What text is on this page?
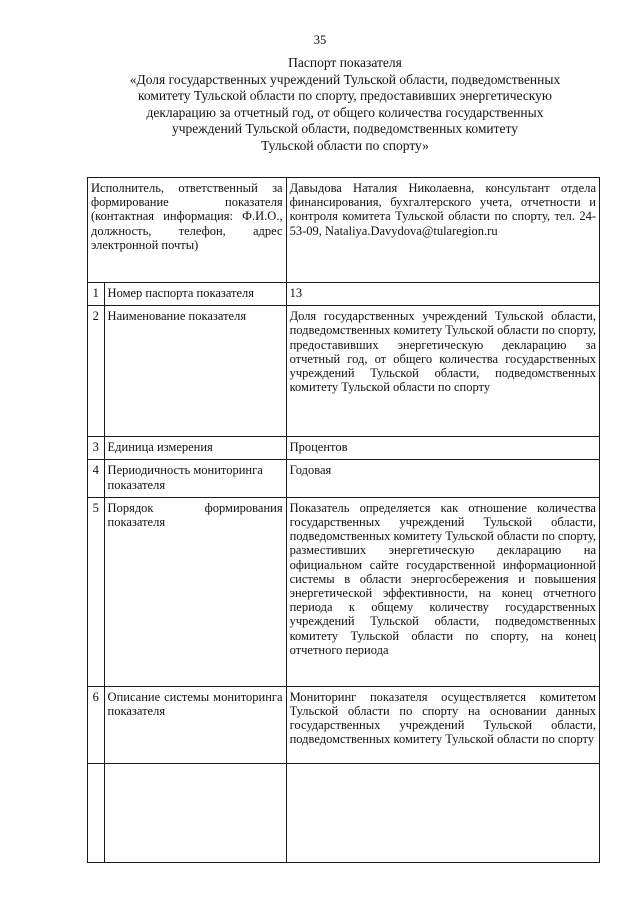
35
Паспорт показателя
«Доля государственных учреждений Тульской области, подведомственных
комитету Тульской области по спорту, предоставивших энергетическую
декларацию за отчетный год, от общего количества государственных
учреждений Тульской области, подведомственных комитету
Тульской области по спорту»
Исполнитель, ответственный за формирование показателя (контактная информация: Ф.И.О., должность, телефон, адрес электронной почты)		Давыдова Наталия Николаевна, консультант отдела финансирования, бухгалтерского учета, отчетности и контроля комитета Тульской области по спорту, тел. 24-53-09, Nataliya.Davydova@tularegion.ru
1	Номер паспорта показателя	13
2	Наименование показателя	Доля государственных учреждений Тульской области, подведомственных комитету Тульской области по спорту, предоставивших энергетическую декларацию за отчетный год, от общего количества государственных учреждений Тульской области, подведомственных комитету Тульской области по спорту
3	Единица измерения	Процентов
4	Периодичность мониторинга показателя	Годовая
5	Порядок формирования показателя	Показатель определяется как отношение количества государственных учреждений Тульской области, подведомственных комитету Тульской области по спорту, разместивших энергетическую декларацию на официальном сайте государственной информационной системы в области энергосбережения и повышения энергетической эффективности, на конец отчетного периода к общему количеству государственных учреждений Тульской области, подведомственных комитету Тульской области по спорту, на конец отчетного периода
6	Описание системы мониторинга показателя	Мониторинг показателя осуществляется комитетом Тульской области по спорту на основании данных государственных учреждений Тульской области, подведомственных комитету Тульской области по спорту
